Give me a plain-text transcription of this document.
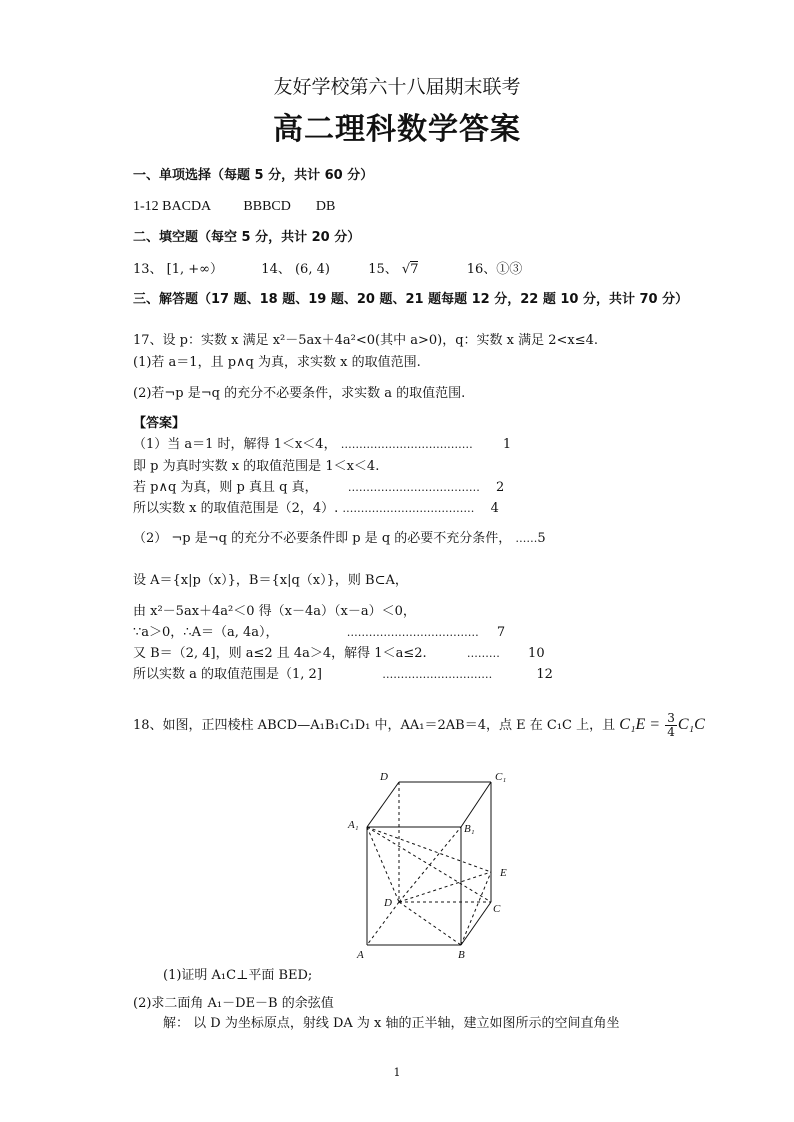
友好学校第六十八届期末联考
高二理科数学答案
一、单项选择（每题 5 分，共计 60 分）
1-12 BACDA BBBCD DB
二、填空题（每空 5 分，共计 20 分）
13、 [1, +∞）	14、 (6, 4)	15、 √7	16、①③
三、解答题（17 题、18 题、19 题、20 题、21 题每题 12 分，22 题 10 分，共计 70 分）
17、设 p：实数 x 满足 x²－5ax＋4a²<0(其中 a>0)，q：实数 x 满足 2<x≤4.
(1)若 a＝1，且 p∧q 为真，求实数 x 的取值范围.
(2)若¬p 是¬q 的充分不必要条件，求实数 a 的取值范围.
【答案】
（1）当 a＝1 时，解得 1＜x＜4， ……………………………… 1
即 p 为真时实数 x 的取值范围是 1＜x＜4.
若 p∧q 为真，则 p 真且 q 真，	……………………………… 2
所以实数 x 的取值范围是（2，4）. ……………………………… 4
（2） ¬p 是¬q 的充分不必要条件即 p 是 q 的必要不充分条件， ……5
设 A＝{x|p（x）}，B＝{x|q（x）}，则 B⊂A，
由 x²－5ax＋4a²＜0 得（x－4a）（x－a）＜0，
∵a＞0，∴A＝（a, 4a），	……………………………… 7
又 B＝（2, 4]，则 a≤2 且 4a＞4，解得 1＜a≤2.	……… 10
所以实数 a 的取值范围是（1, 2]	…………………………	12
18、如图，正四棱柱 ABCD—A₁B₁C₁D₁ 中，AA₁＝2AB＝4，点 E 在 C₁C 上，且 $C_1E = \frac{3}{4} C_1C$
D	C₁
A₁	B₁
E
D	C
A	B
(1)证明 A₁C⊥平面 BED;
(2)求二面角 A₁－DE－B 的余弦值
解： 以 D 为坐标原点，射线 DA 为 x 轴的正半轴，建立如图所示的空间直角坐
1
